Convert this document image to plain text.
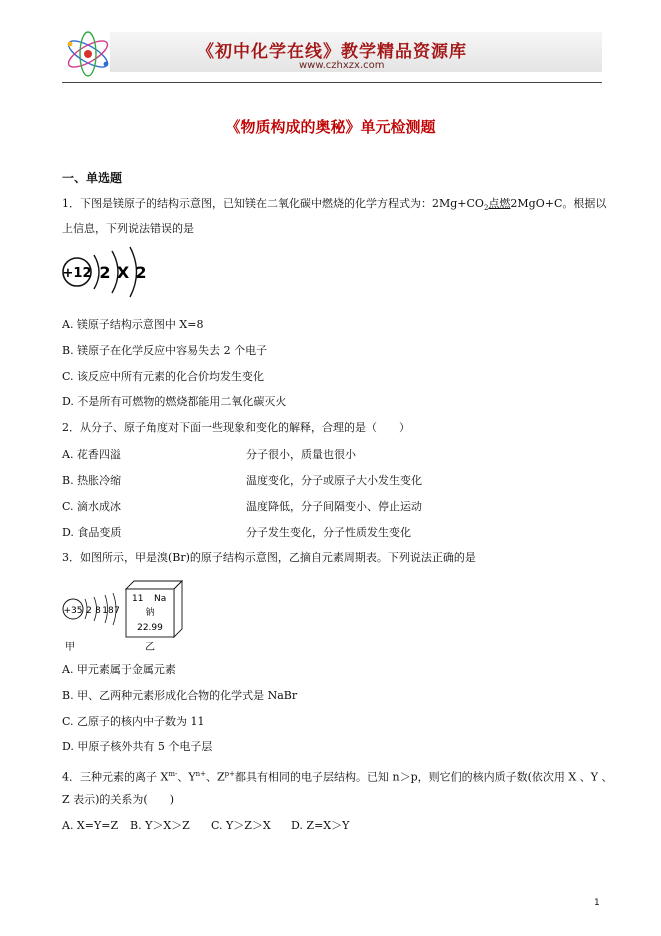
《初中化学在线》教学精品资源库
www.czhxzx.com
《物质构成的奥秘》单元检测题
一、单选题
1．下图是镁原子的结构示意图，已知镁在二氧化碳中燃烧的化学方程式为：$2Mg+CO_2$点燃2MgO+C。根据以
上信息，下列说法错误的是
+12 2 X 2
A. 镁原子结构示意图中 X=8
B. 镁原子在化学反应中容易失去 2 个电子
C. 该反应中所有元素的化合价均发生变化
D. 不是所有可燃物的燃烧都能用二氧化碳灭火
2．从分子、原子角度对下面一些现象和变化的解释，合理的是（　　）
A. 花香四溢	分子很小，质量也很小
B. 热胀冷缩	温度变化，分子或原子大小发生变化
C. 滴水成冰	温度降低，分子间隔变小、停止运动
D. 食品变质	分子发生变化，分子性质发生变化
3．如图所示，甲是溴(Br)的原子结构示意图，乙摘自元素周期表。下列说法正确的是
+35 2 8 18 7
甲
11 Na
钠
22.99
乙
A. 甲元素属于金属元素
B. 甲、乙两种元素形成化合物的化学式是 NaBr
C. 乙原子的核内中子数为 11
D. 甲原子核外共有 5 个电子层
4．三种元素的离子 $X^{m-}$、$Y^{n+}$、$Z^{p+}$都具有相同的电子层结构。已知 n＞p，则它们的核内质子数(依次用 X 、Y 、
Z 表示)的关系为(　　)
A. X=Y=Z B. Y＞X＞Z C. Y＞Z＞X D. Z=X＞Y
1
